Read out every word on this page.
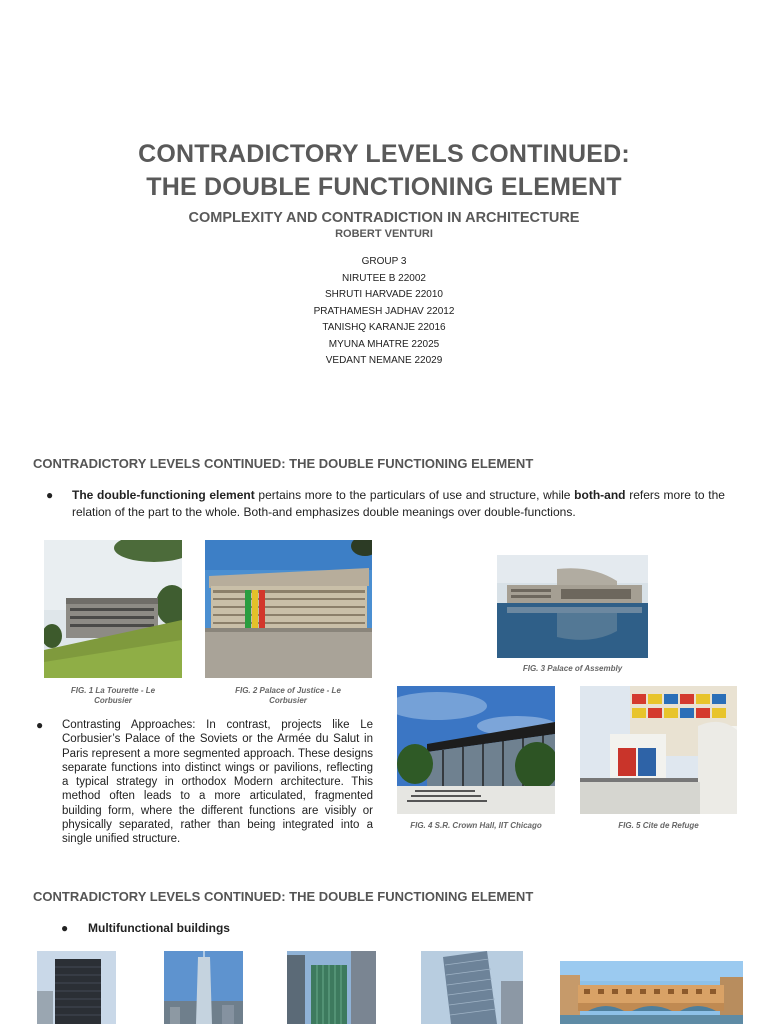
CONTRADICTORY LEVELS CONTINUED:
THE DOUBLE FUNCTIONING ELEMENT
COMPLEXITY AND CONTRADICTION IN ARCHITECTURE
ROBERT VENTURI
GROUP 3
NIRUTEE B 22002
SHRUTI HARVADE 22010
PRATHAMESH JADHAV 22012
TANISHQ KARANJE 22016
MYUNA MHATRE 22025
VEDANT NEMANE 22029
CONTRADICTORY LEVELS CONTINUED: THE DOUBLE FUNCTIONING ELEMENT
● The double-functioning element pertains more to the particulars of use and structure, while both-and refers more to the relation of the part to the whole. Both-and emphasizes double meanings over double-functions.
FIG. 1 La Tourette - Le Corbusier
FIG. 2 Palace of Justice - Le Corbusier
FIG. 3 Palace of Assembly
● Contrasting Approaches: In contrast, projects like Le Corbusier’s Palace of the Soviets or the Armée du Salut in Paris represent a more segmented approach. These designs separate functions into distinct wings or pavilions, reflecting a typical strategy in orthodox Modern architecture. This method often leads to a more articulated, fragmented building form, where the different functions are visibly or physically separated, rather than being integrated into a single unified structure.
FIG. 4 S.R. Crown Hall, IIT Chicago	FIG. 5 Cite de Refuge
CONTRADICTORY LEVELS CONTINUED: THE DOUBLE FUNCTIONING ELEMENT
● Multifunctional buildings
